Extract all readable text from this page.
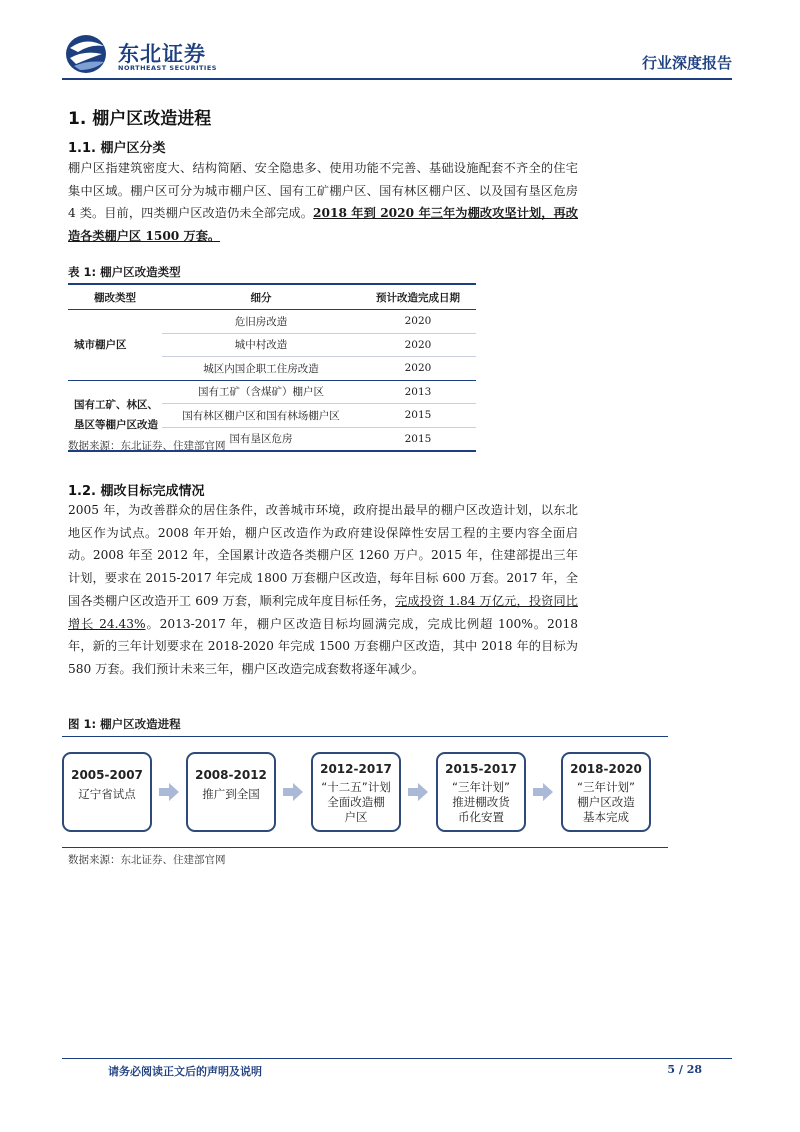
东北证券
NORTHEAST SECURITIES	行业深度报告
1. 棚户区改造进程
1.1. 棚户区分类

棚户区指建筑密度大、结构简陋、安全隐患多、使用功能不完善、基础设施配套不齐全的住宅集中区域。棚户区可分为城市棚户区、国有工矿棚户区、国有林区棚户区、以及国有垦区危房 4 类。目前，四类棚户区改造仍未全部完成。2018 年到 2020 年三年为棚改攻坚计划，再改造各类棚户区 1500 万套。

表 1: 棚户区改造类型
棚改类型	细分	预计改造完成日期
城市棚户区	危旧房改造	2020
	城中村改造	2020
	城区内国企职工住房改造	2020
国有工矿、林区、垦区等棚户区改造	国有工矿（含煤矿）棚户区	2013
	国有林区棚户区和国有林场棚户区	2015
	国有垦区危房	2015
数据来源：东北证券、住建部官网
1.2. 棚改目标完成情况

2005 年，为改善群众的居住条件，改善城市环境，政府提出最早的棚户区改造计划，以东北地区作为试点。2008 年开始，棚户区改造作为政府建设保障性安居工程的主要内容全面启动。2008 年至 2012 年，全国累计改造各类棚户区 1260 万户。2015 年，住建部提出三年计划，要求在 2015-2017 年完成 1800 万套棚户区改造，每年目标 600 万套。2017 年，全国各类棚户区改造开工 609 万套，顺利完成年度目标任务，完成投资 1.84 万亿元，投资同比增长 24.43%。2013-2017 年，棚户区改造目标均圆满完成，完成比例超 100%。2018 年，新的三年计划要求在 2018-2020 年完成 1500 万套棚户区改造，其中 2018 年的目标为 580 万套。我们预计未来三年，棚户区改造完成套数将逐年减少。

图 1: 棚户区改造进程
2005-2007
辽宁省试点
2008-2012
推广到全国
2012-2017
“十二五”计划
全面改造棚
户区
2015-2017
“三年计划”
推进棚改货
币化安置
2018-2020
“三年计划”
棚户区改造
基本完成
数据来源：东北证券、住建部官网
请务必阅读正文后的声明及说明	5 / 28
